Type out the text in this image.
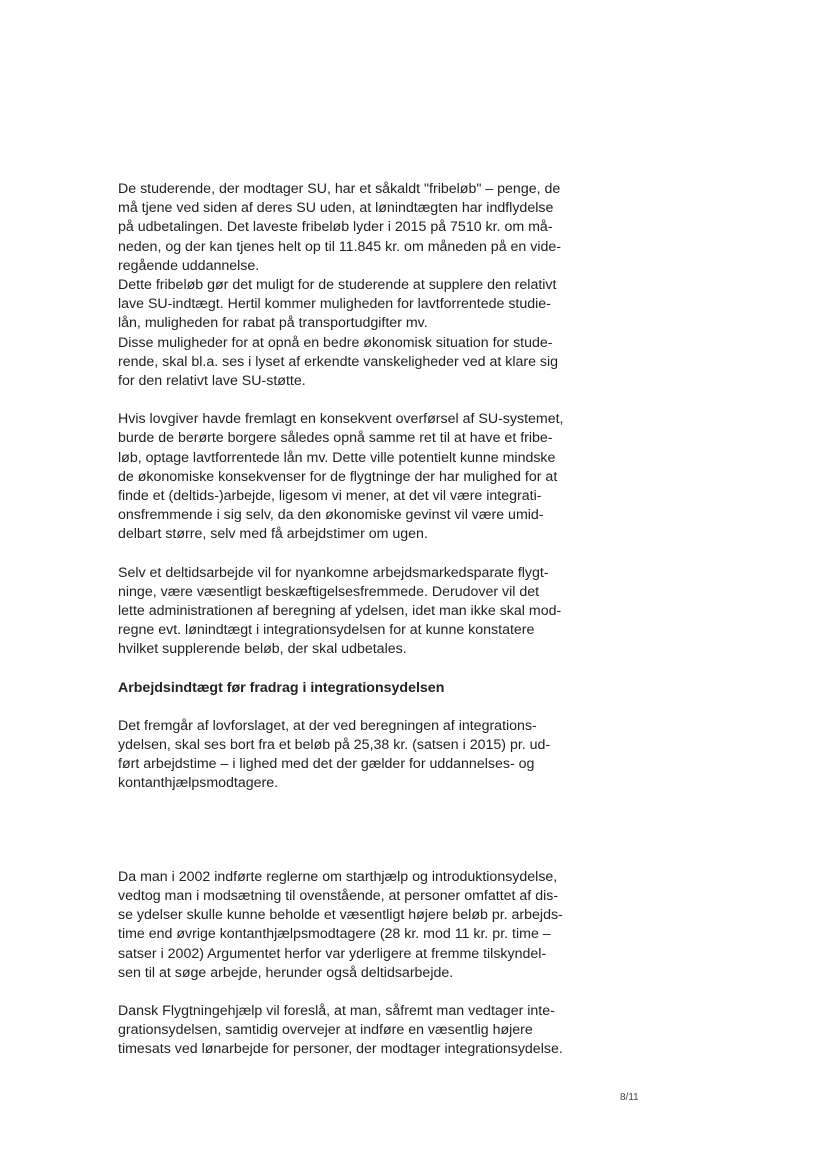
De studerende, der modtager SU, har et såkaldt "fribeløb" – penge, de
må tjene ved siden af deres SU uden, at lønindtægten har indflydelse
på udbetalingen. Det laveste fribeløb lyder i 2015 på 7510 kr. om må-
neden, og der kan tjenes helt op til 11.845 kr. om måneden på en vide-
regående uddannelse.
Dette fribeløb gør det muligt for de studerende at supplere den relativt
lave SU-indtægt. Hertil kommer muligheden for lavtforrentede studie-
lån, muligheden for rabat på transportudgifter mv.
Disse muligheder for at opnå en bedre økonomisk situation for stude-
rende, skal bl.a. ses i lyset af erkendte vanskeligheder ved at klare sig
for den relativt lave SU-støtte.
Hvis lovgiver havde fremlagt en konsekvent overførsel af SU-systemet,
burde de berørte borgere således opnå samme ret til at have et fribe-
løb, optage lavtforrentede lån mv. Dette ville potentielt kunne mindske
de økonomiske konsekvenser for de flygtninge der har mulighed for at
finde et (deltids-)arbejde, ligesom vi mener, at det vil være integrati-
onsfremmende i sig selv, da den økonomiske gevinst vil være umid-
delbart større, selv med få arbejdstimer om ugen.
Selv et deltidsarbejde vil for nyankomne arbejdsmarkedsparate flygt-
ninge, være væsentligt beskæftigelsesfremmede. Derudover vil det
lette administrationen af beregning af ydelsen, idet man ikke skal mod-
regne evt. lønindtægt i integrationsydelsen for at kunne konstatere
hvilket supplerende beløb, der skal udbetales.
Arbejdsindtægt før fradrag i integrationsydelsen
Det fremgår af lovforslaget, at der ved beregningen af integrations-
ydelsen, skal ses bort fra et beløb på 25,38 kr. (satsen i 2015) pr. ud-
ført arbejdstime – i lighed med det der gælder for uddannelses- og
kontanthjælpsmodtagere.
Da man i 2002 indførte reglerne om starthjælp og introduktionsydelse,
vedtog man i modsætning til ovenstående, at personer omfattet af dis-
se ydelser skulle kunne beholde et væsentligt højere beløb pr. arbejds-
time end øvrige kontanthjælpsmodtagere (28 kr. mod 11 kr. pr. time –
satser i 2002) Argumentet herfor var yderligere at fremme tilskyndel-
sen til at søge arbejde, herunder også deltidsarbejde.
Dansk Flygtningehjælp vil foreslå, at man, såfremt man vedtager inte-
grationsydelsen, samtidig overvejer at indføre en væsentlig højere
timesats ved lønarbejde for personer, der modtager integrationsydelse.
8/11
